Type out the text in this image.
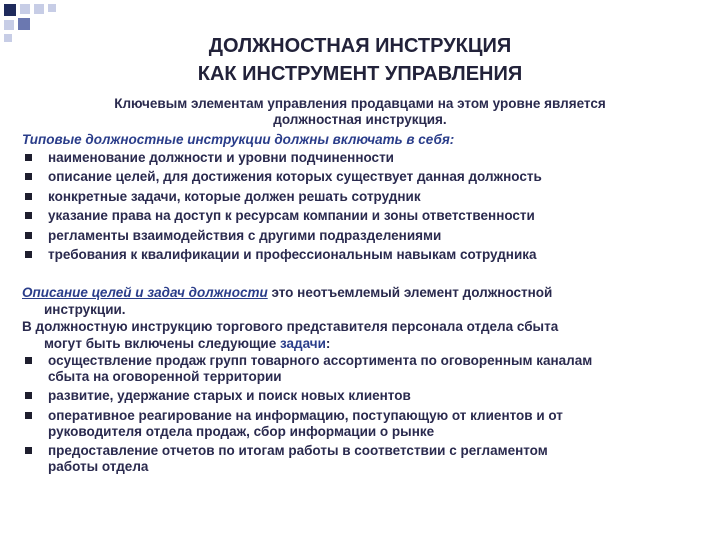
ДОЛЖНОСТНАЯ ИНСТРУКЦИЯ
КАК ИНСТРУМЕНТ УПРАВЛЕНИЯ
Ключевым элементам управления продавцами на этом уровне является
должностная инструкция.
Типовые должностные инструкции должны включать в себя:
наименование должности и уровни подчиненности
описание целей, для достижения которых существует данная должность
конкретные задачи, которые должен решать сотрудник
указание права на доступ к ресурсам компании и зоны ответственности
регламенты взаимодействия с другими подразделениями
требования к квалификации и профессиональным навыкам сотрудника
Описание целей и задач должности это неотъемлемый элемент должностной
инструкции.
В должностную инструкцию торгового представителя персонала отдела сбыта
могут быть включены следующие задачи:
осуществление продаж групп товарного ассортимента по оговоренным каналам
сбыта на оговоренной территории
развитие, удержание старых и поиск новых клиентов
оперативное реагирование на информацию, поступающую от клиентов и от
руководителя отдела продаж, сбор информации о рынке
предоставление отчетов по итогам работы в соответствии с регламентом
работы отдела
